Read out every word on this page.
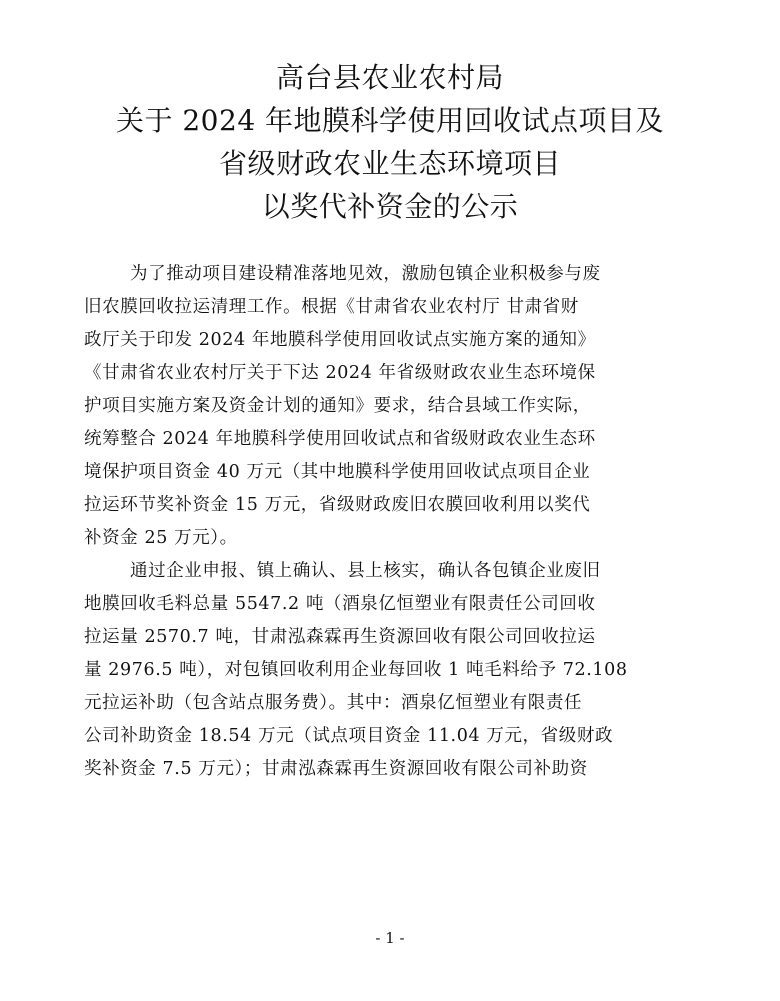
高台县农业农村局
关于 2024 年地膜科学使用回收试点项目及
省级财政农业生态环境项目
以奖代补资金的公示
为了推动项目建设精准落地见效，激励包镇企业积极参与废
旧农膜回收拉运清理工作。根据《甘肃省农业农村厅 甘肃省财
政厅关于印发 2024 年地膜科学使用回收试点实施方案的通知》
《甘肃省农业农村厅关于下达 2024 年省级财政农业生态环境保
护项目实施方案及资金计划的通知》要求，结合县域工作实际，
统筹整合 2024 年地膜科学使用回收试点和省级财政农业生态环
境保护项目资金 40 万元（其中地膜科学使用回收试点项目企业
拉运环节奖补资金 15 万元，省级财政废旧农膜回收利用以奖代
补资金 25 万元）。
通过企业申报、镇上确认、县上核实，确认各包镇企业废旧
地膜回收毛料总量 5547.2 吨（酒泉亿恒塑业有限责任公司回收
拉运量 2570.7 吨，甘肃泓森霖再生资源回收有限公司回收拉运
量 2976.5 吨），对包镇回收利用企业每回收 1 吨毛料给予 72.108
元拉运补助（包含站点服务费）。其中：酒泉亿恒塑业有限责任
公司补助资金 18.54 万元（试点项目资金 11.04 万元，省级财政
奖补资金 7.5 万元）；甘肃泓森霖再生资源回收有限公司补助资
- 1 -
